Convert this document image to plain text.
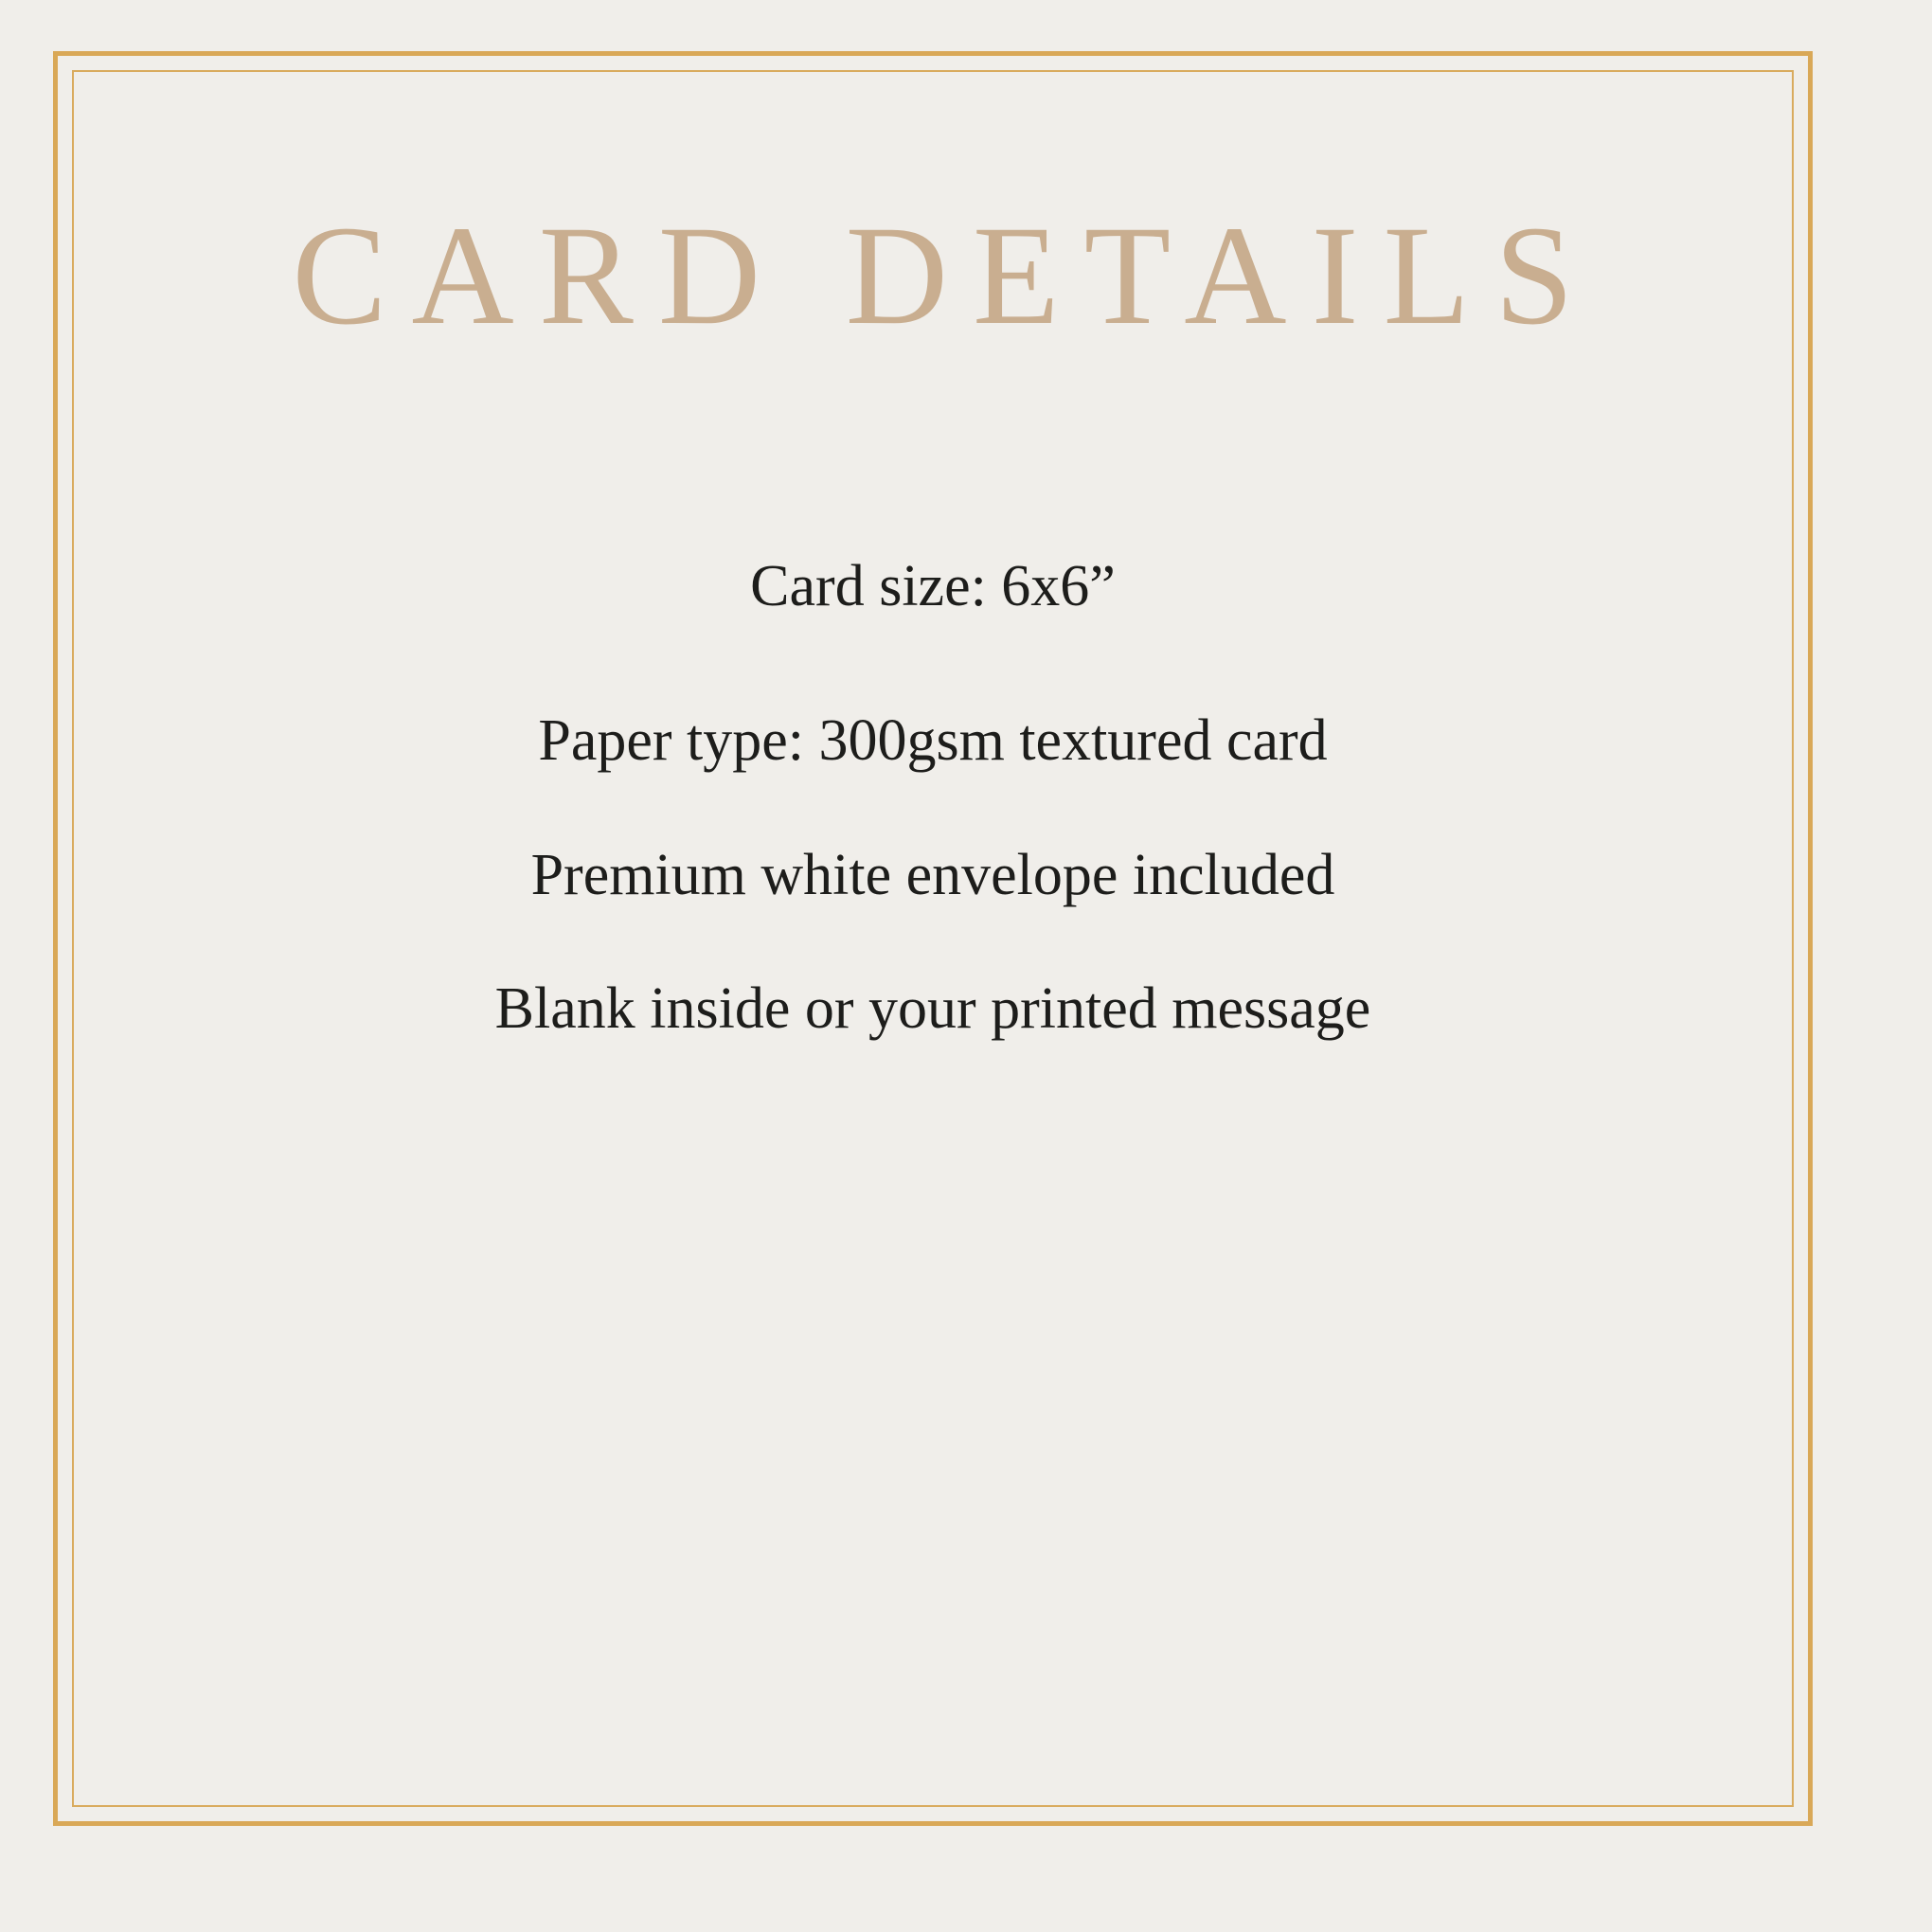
CARD DETAILS

Card size: 6x6”

Paper type: 300gsm textured card

Premium white envelope included

Blank inside or your printed message
